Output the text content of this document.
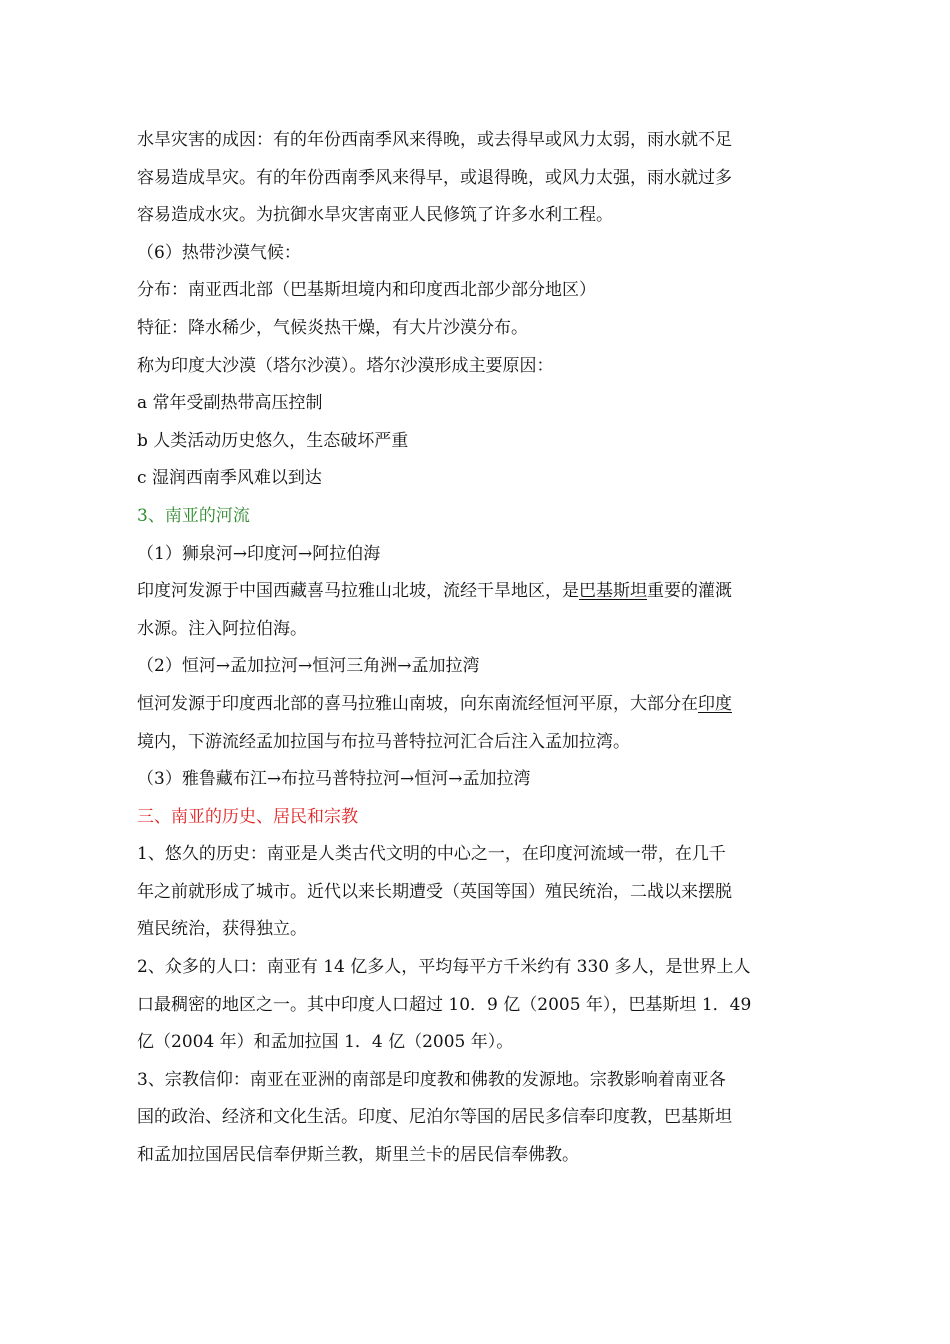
水旱灾害的成因：有的年份西南季风来得晚，或去得早或风力太弱，雨水就不足
容易造成旱灾。有的年份西南季风来得早，或退得晚，或风力太强，雨水就过多
容易造成水灾。为抗御水旱灾害南亚人民修筑了许多水利工程。
（6）热带沙漠气候：
分布：南亚西北部（巴基斯坦境内和印度西北部少部分地区）
特征：降水稀少，气候炎热干燥，有大片沙漠分布。
称为印度大沙漠（塔尔沙漠）。塔尔沙漠形成主要原因：
a 常年受副热带高压控制
b 人类活动历史悠久，生态破坏严重
c 湿润西南季风难以到达
3、南亚的河流
（1）狮泉河→印度河→阿拉伯海
印度河发源于中国西藏喜马拉雅山北坡，流经干旱地区，是巴基斯坦重要的灌溉
水源。注入阿拉伯海。
（2）恒河→孟加拉河→恒河三角洲→孟加拉湾
恒河发源于印度西北部的喜马拉雅山南坡，向东南流经恒河平原，大部分在印度
境内，下游流经孟加拉国与布拉马普特拉河汇合后注入孟加拉湾。
（3）雅鲁藏布江→布拉马普特拉河→恒河→孟加拉湾
三、南亚的历史、居民和宗教
1、悠久的历史：南亚是人类古代文明的中心之一，在印度河流域一带，在几千
年之前就形成了城市。近代以来长期遭受（英国等国）殖民统治，二战以来摆脱
殖民统治，获得独立。
2、众多的人口：南亚有 14 亿多人，平均每平方千米约有 330 多人，是世界上人
口最稠密的地区之一。其中印度人口超过 10．9 亿（2005 年），巴基斯坦 1．49
亿（2004 年）和孟加拉国 1．4 亿（2005 年）。
3、宗教信仰：南亚在亚洲的南部是印度教和佛教的发源地。宗教影响着南亚各
国的政治、经济和文化生活。印度、尼泊尔等国的居民多信奉印度教，巴基斯坦
和孟加拉国居民信奉伊斯兰教，斯里兰卡的居民信奉佛教。
